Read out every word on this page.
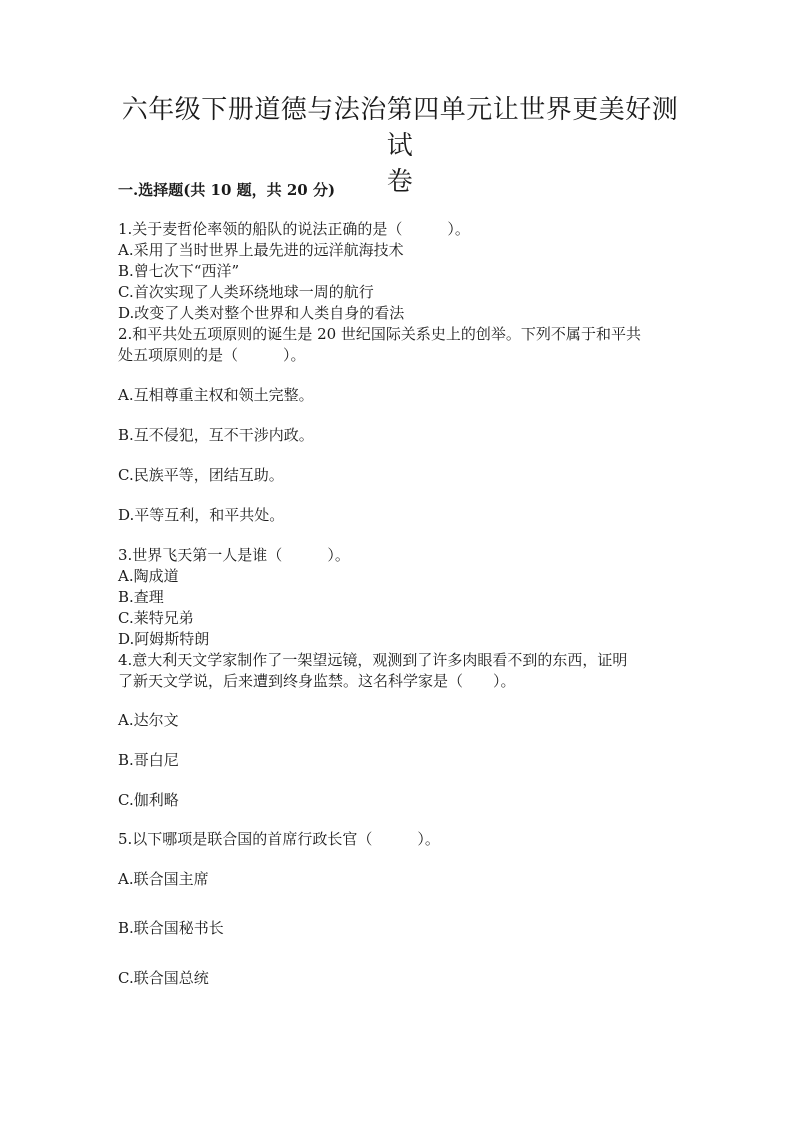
六年级下册道德与法治第四单元让世界更美好测试
卷

一.选择题(共 10 题，共 20 分)

1.关于麦哲伦率领的船队的说法正确的是（　　　）。

A.采用了当时世界上最先进的远洋航海技术

B.曾七次下“西洋”

C.首次实现了人类环绕地球一周的航行

D.改变了人类对整个世界和人类自身的看法

2.和平共处五项原则的诞生是 20 世纪国际关系史上的创举。下列不属于和平共

处五项原则的是（　　　）。

A.互相尊重主权和领土完整。

B.互不侵犯，互不干涉内政。

C.民族平等，团结互助。

D.平等互利，和平共处。

3.世界飞天第一人是谁（　　　）。

A.陶成道

B.查理

C.莱特兄弟

D.阿姆斯特朗

4.意大利天文学家制作了一架望远镜，观测到了许多肉眼看不到的东西，证明

了新天文学说，后来遭到终身监禁。这名科学家是（　　）。

A.达尔文

B.哥白尼

C.伽利略

5.以下哪项是联合国的首席行政长官（　　　）。

A.联合国主席

B.联合国秘书长

C.联合国总统
